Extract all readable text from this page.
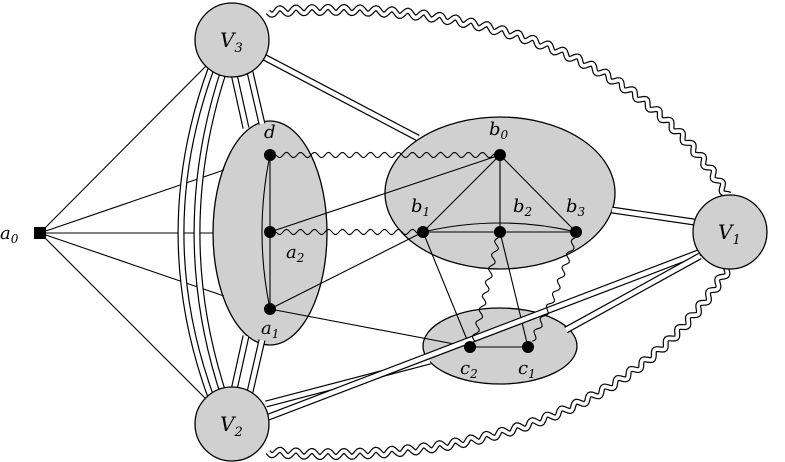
$a_0$
$V_3$
$V_2$
$V_1$
d
$a_2$
$a_1$
$b_0$
$b_1$	$b_2$ $b_3$
$c_2$ $c_1$
